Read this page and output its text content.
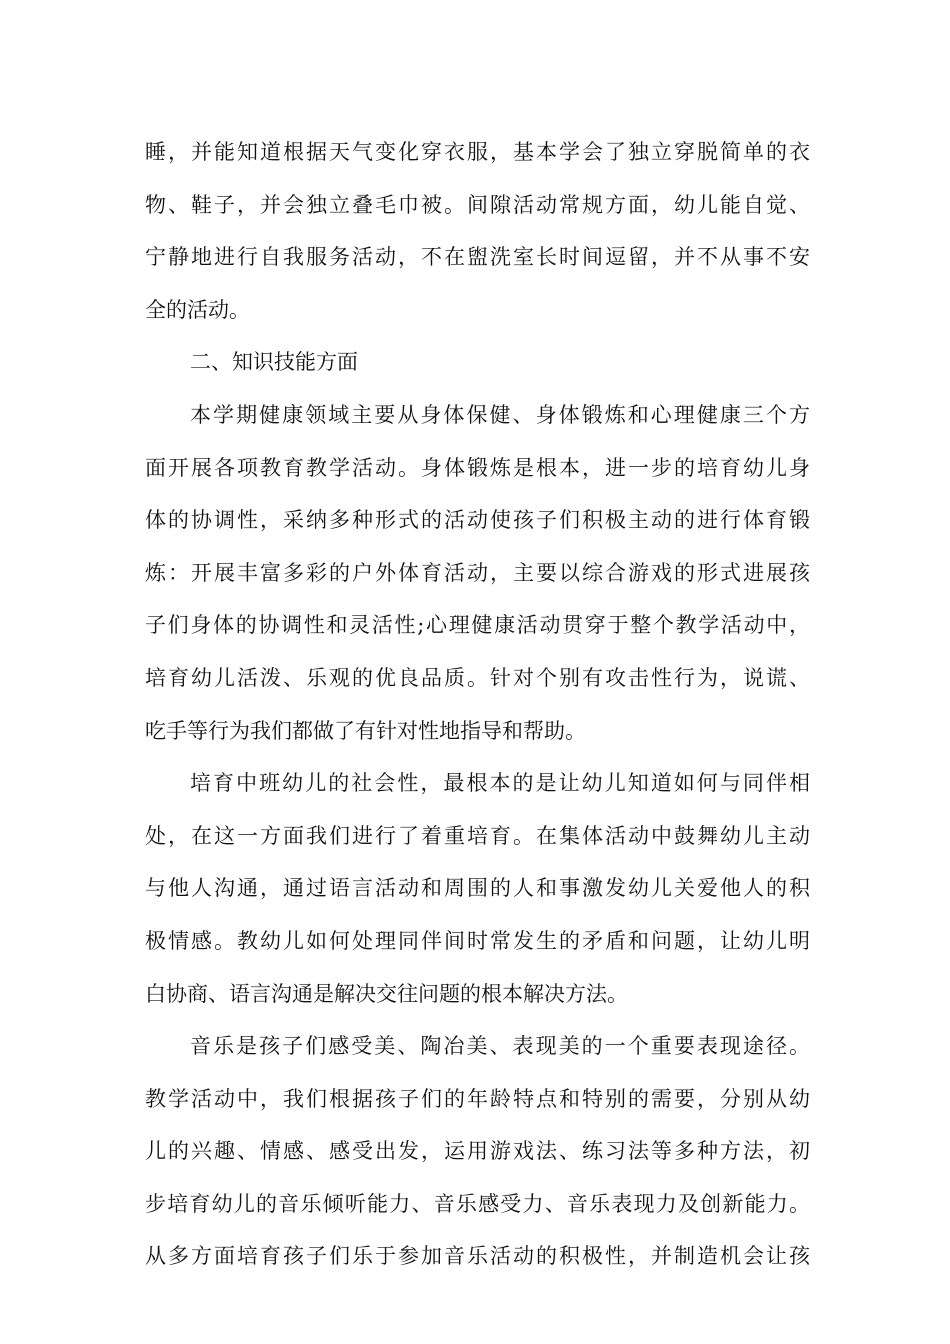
睡，并能知道根据天气变化穿衣服，基本学会了独立穿脱简单的衣
物、鞋子，并会独立叠毛巾被。间隙活动常规方面，幼儿能自觉、
宁静地进行自我服务活动，不在盥洗室长时间逗留，并不从事不安
全的活动。
二、知识技能方面
本学期健康领域主要从身体保健、身体锻炼和心理健康三个方
面开展各项教育教学活动。身体锻炼是根本，进一步的培育幼儿身
体的协调性，采纳多种形式的活动使孩子们积极主动的进行体育锻
炼：开展丰富多彩的户外体育活动，主要以综合游戏的形式进展孩
子们身体的协调性和灵活性;心理健康活动贯穿于整个教学活动中，
培育幼儿活泼、乐观的优良品质。针对个别有攻击性行为，说谎、
吃手等行为我们都做了有针对性地指导和帮助。
培育中班幼儿的社会性，最根本的是让幼儿知道如何与同伴相
处，在这一方面我们进行了着重培育。在集体活动中鼓舞幼儿主动
与他人沟通，通过语言活动和周围的人和事激发幼儿关爱他人的积
极情感。教幼儿如何处理同伴间时常发生的矛盾和问题，让幼儿明
白协商、语言沟通是解决交往问题的根本解决方法。
音乐是孩子们感受美、陶冶美、表现美的一个重要表现途径。
教学活动中，我们根据孩子们的年龄特点和特别的需要，分别从幼
儿的兴趣、情感、感受出发，运用游戏法、练习法等多种方法，初
步培育幼儿的音乐倾听能力、音乐感受力、音乐表现力及创新能力。
从多方面培育孩子们乐于参加音乐活动的积极性，并制造机会让孩
